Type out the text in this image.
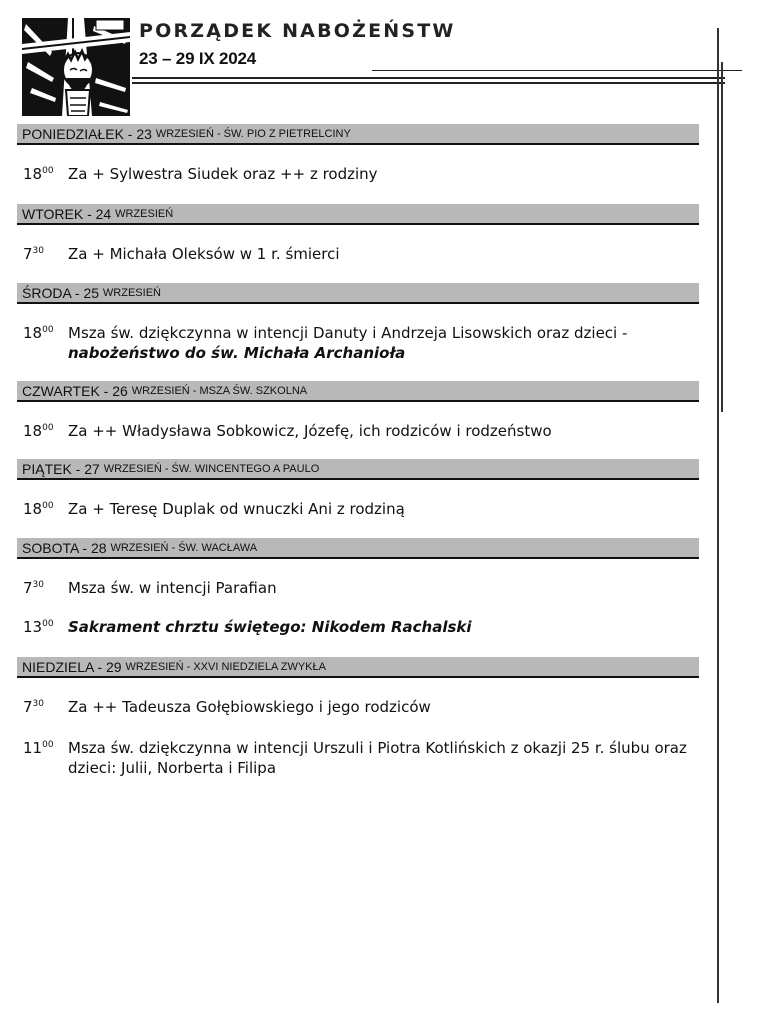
PORZĄDEK NABOŻEŃSTW
23 – 29 IX 2024
PONIEDZIAŁEK - 23
WRZESIEŃ - ŚW. PIO Z PIETRELCINY
$18^{00}$ Za + Sylwestra Siudek oraz ++ z rodziny
WTOREK - 24
WRZESIEŃ
$7^{30}$	Za + Michała Oleksów w 1 r. śmierci
ŚRODA - 25
WRZESIEŃ
$18^{00}$ Msza św. dziękczynna w intencji Danuty i Andrzeja Lisowskich oraz dzieci -
nabożeństwo do św. Michała Archanioła
CZWARTEK - 26
WRZESIEŃ - MSZA ŚW. SZKOLNA
$18^{00}$ Za ++ Władysława Sobkowicz, Józefę, ich rodziców i rodzeństwo
PIĄTEK - 27
WRZESIEŃ - ŚW. WINCENTEGO A PAULO
$18^{00}$ Za + Teresę Duplak od wnuczki Ani z rodziną
SOBOTA - 28
WRZESIEŃ - ŚW. WACŁAWA
$7^{30}$	Msza św. w intencji Parafian
$13^{00}$ Sakrament chrztu świętego: Nikodem Rachalski
NIEDZIELA - 29
WRZESIEŃ - XXVI NIEDZIELA ZWYKŁA
$7^{30}$	Za ++ Tadeusza Gołębiowskiego i jego rodziców
$11^{00}$ Msza św. dziękczynna w intencji Urszuli i Piotra Kotlińskich z okazji 25 r. ślubu oraz dzieci: Julii, Norberta i Filipa
